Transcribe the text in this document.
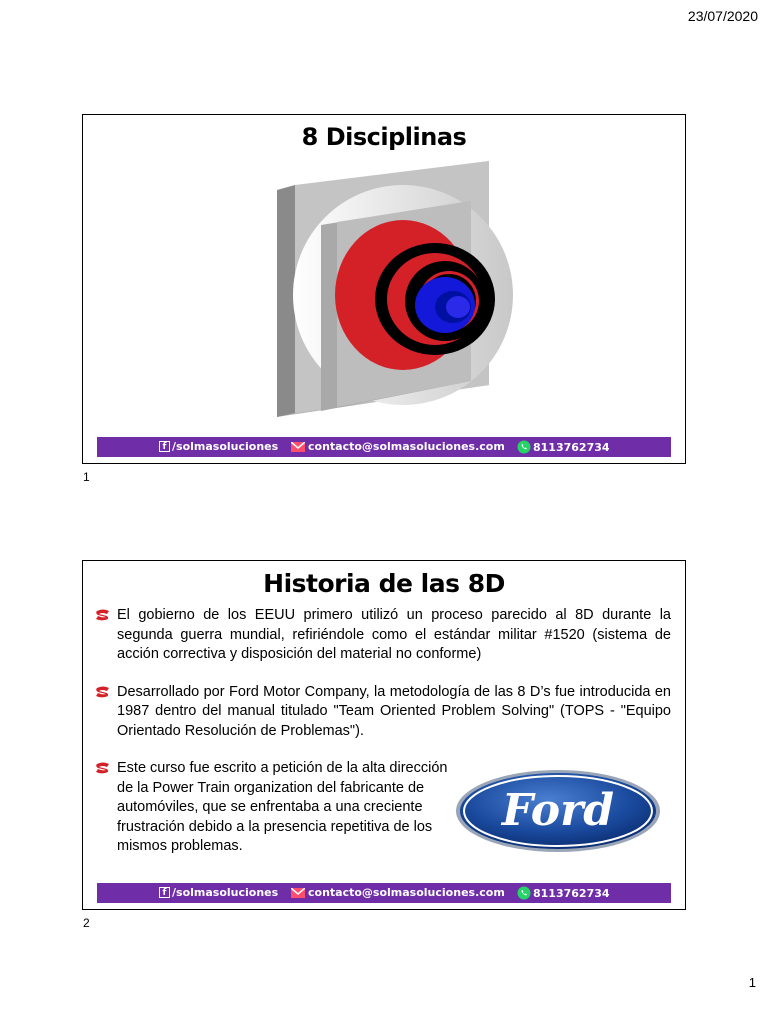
23/07/2020
8 Disciplinas
f /solmasoluciones	contacto@solmasoluciones.com	8113762734
1
Historia de las 8D
El gobierno de los EEUU primero utilizó un proceso parecido al 8D durante la segunda guerra mundial, refiriéndole como el estándar militar #1520 (sistema de acción correctiva y disposición del material no conforme)
Desarrollado por Ford Motor Company, la metodología de las 8 D’s fue introducida en 1987 dentro del manual titulado "Team Oriented Problem Solving" (TOPS - "Equipo Orientado Resolución de Problemas").
Este curso fue escrito a petición de la alta dirección de la Power Train organization del fabricante de automóviles, que se enfrentaba a una creciente frustración debido a la presencia repetitiva de los mismos problemas.
Ford
f /solmasoluciones	contacto@solmasoluciones.com	8113762734
2
1
